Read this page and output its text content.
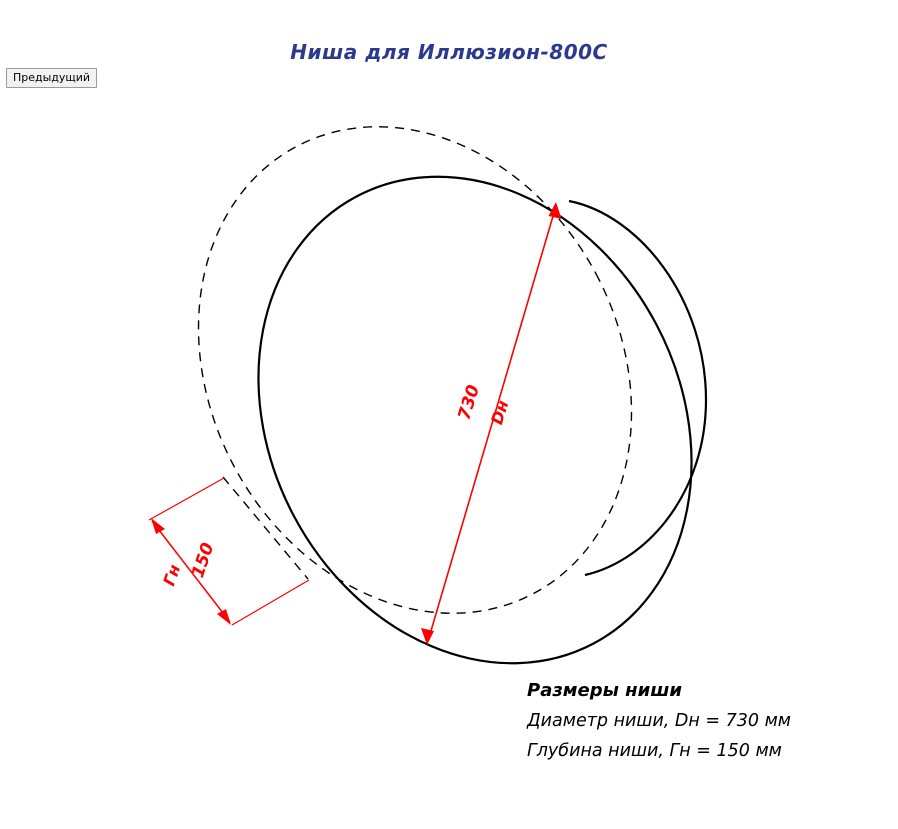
Ниша для Иллюзион-800С
Предыдущий
730 Dн
150
Гн
Размеры ниши
Диаметр ниши, Dн = 730 мм
Глубина ниши, Гн = 150 мм
